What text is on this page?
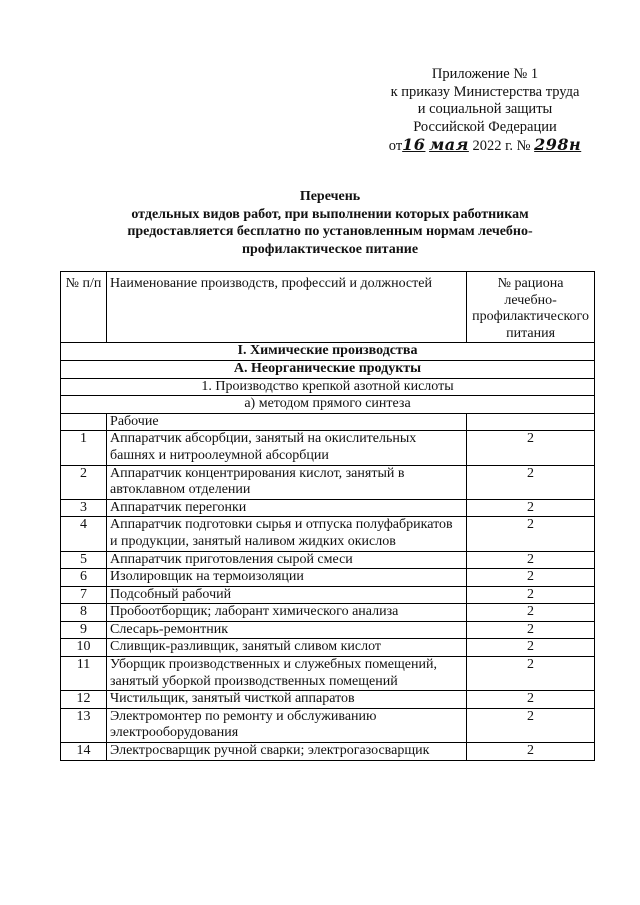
Приложение № 1
к приказу Министерства труда
и социальной защиты
Российской Федерации
от16 мая 2022 г. № 298н
Перечень
отдельных видов работ, при выполнении которых работникам
предоставляется бесплатно по установленным нормам лечебно-
профилактическое питание
№ п/п	Наименование производств, профессий и должностей	№ рациона лечебно-профилактического питания
I. Химические производства		
А. Неорганические продукты		
1. Производство крепкой азотной кислоты		
а) методом прямого синтеза		
	Рабочие	
1	Аппаратчик абсорбции, занятый на окислительных башнях и нитроолеумной абсорбции	2
2	Аппаратчик концентрирования кислот, занятый в автоклавном отделении	2
3	Аппаратчик перегонки	2
4	Аппаратчик подготовки сырья и отпуска полуфабрикатов и продукции, занятый наливом жидких окислов	2
5	Аппаратчик приготовления сырой смеси	2
6	Изолировщик на термоизоляции	2
7	Подсобный рабочий	2
8	Пробоотборщик; лаборант химического анализа	2
9	Слесарь-ремонтник	2
10	Сливщик-разливщик, занятый сливом кислот	2
11	Уборщик производственных и служебных помещений, занятый уборкой производственных помещений	2
12	Чистильщик, занятый чисткой аппаратов	2
13	Электромонтер по ремонту и обслуживанию электрооборудования	2
14	Электросварщик ручной сварки; электрогазосварщик	2
